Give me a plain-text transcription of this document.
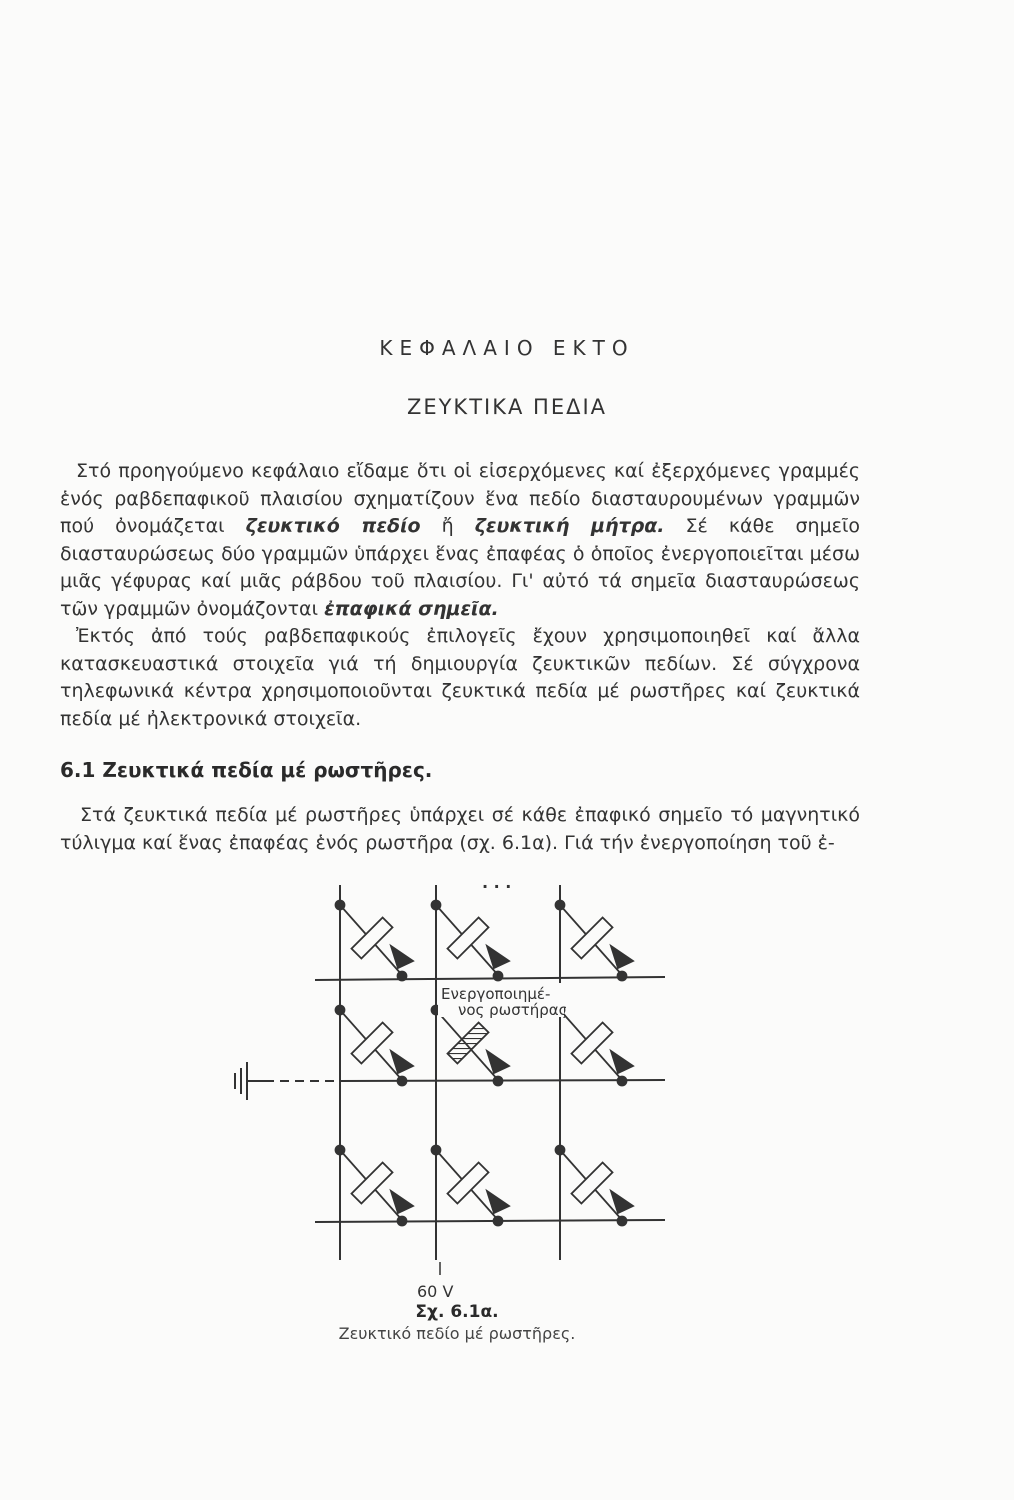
ΚΕΦΑΛΑΙΟ ΕΚΤΟ
ΖΕΥΚΤΙΚΑ ΠΕΔΙΑ

Στό προηγούμενο κεφάλαιο εἴδαμε ὅτι οἱ εἰσερχόμενες καί ἐξερχόμενες γραμμές ἑνός ραβδεπαφικοῦ πλαισίου σχηματίζουν ἕνα πεδίο διασταυρουμένων γραμμῶν πού ὀνομάζεται ζευκτικό πεδίο ἤ ζευκτική μήτρα. Σέ κάθε σημεῖο διασταυρώσεως δύο γραμμῶν ὑπάρχει ἕνας ἐπαφέας ὁ ὁποῖος ἐνεργοποιεῖται μέσω μιᾶς γέφυρας καί μιᾶς ράβδου τοῦ πλαισίου. Γι' αὐτό τά σημεῖα διασταυρώσεως τῶν γραμμῶν ὀνομάζονται ἐπαφικά σημεῖα.

Ἐκτός ἀπό τούς ραβδεπαφικούς ἐπιλογεῖς ἔχουν χρησιμοποιηθεῖ καί ἄλλα κατασκευαστικά στοιχεῖα γιά τή δημιουργία ζευκτικῶν πεδίων. Σέ σύγχρονα τηλεφωνικά κέντρα χρησιμοποιοῦνται ζευκτικά πεδία μέ ρωστῆρες καί ζευκτικά πεδία μέ ἠλεκτρονικά στοιχεῖα.

6.1 Ζευκτικά πεδία μέ ρωστῆρες.

Στά ζευκτικά πεδία μέ ρωστῆρες ὑπάρχει σέ κάθε ἐπαφικό σημεῖο τό μαγνητικό τύλιγμα καί ἕνας ἐπαφέας ἑνός ρωστῆρα (σχ. 6.1α). Γιά τήν ἐνεργοποίηση τοῦ ἐ-

Ενεργοποιημέ-
νος ρωστήρας
· · ·
60 V
Σχ. 6.1α.
Ζευκτικό πεδίο μέ ρωστῆρες.
